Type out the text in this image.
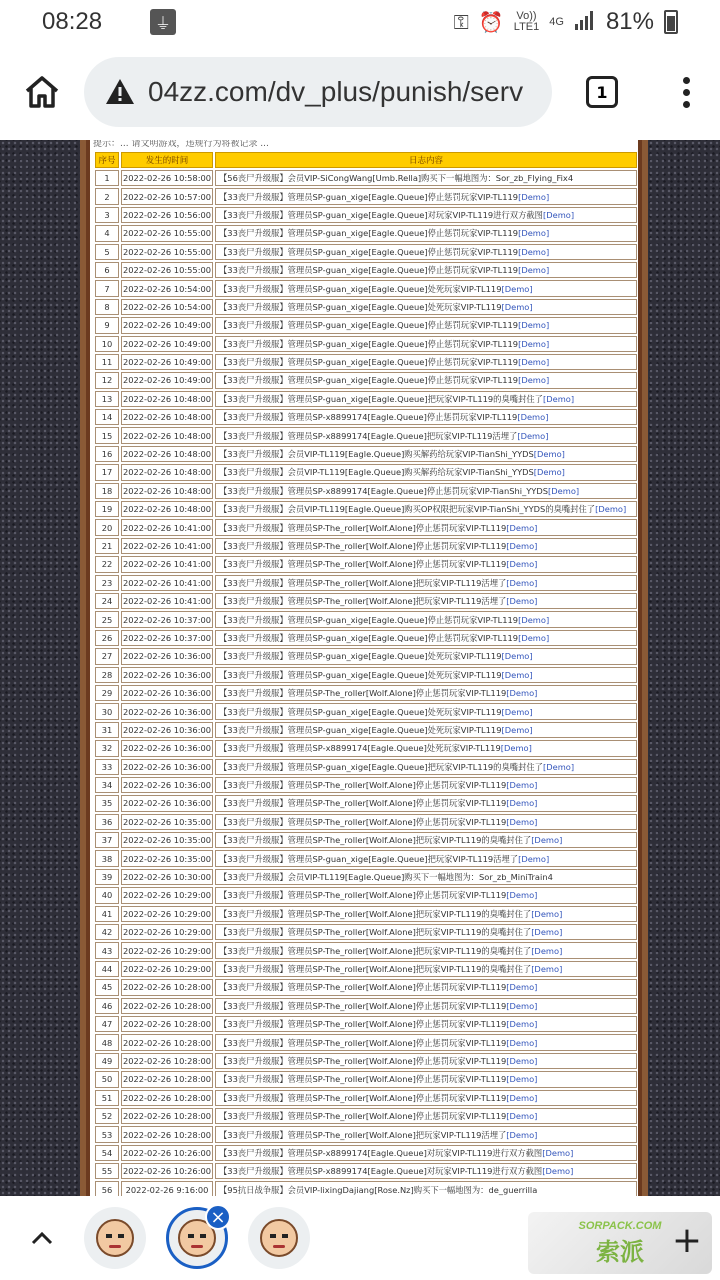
08:28	⏚	⚿ ⏰ Vo))
LTE1 4G 81%
04zz.com/dv_plus/punish/serv	1
提示：... 请文明游戏，违规行为将被记录 ...
序号	发生的时间	日志内容
1	2022-02-26 10:58:00	【56丧尸升级服】会员VIP-SiCongWang[Umb.Rella]购买下一幅地图为：Sor_zb_Flying_Fix4
2	2022-02-26 10:57:00	【33丧尸升级服】管理员SP-guan_xige[Eagle.Queue]停止惩罚玩家VIP-TL119[Demo]
3	2022-02-26 10:56:00	【33丧尸升级服】管理员SP-guan_xige[Eagle.Queue]对玩家VIP-TL119进行双方截图[Demo]
4	2022-02-26 10:55:00	【33丧尸升级服】管理员SP-guan_xige[Eagle.Queue]停止惩罚玩家VIP-TL119[Demo]
5	2022-02-26 10:55:00	【33丧尸升级服】管理员SP-guan_xige[Eagle.Queue]停止惩罚玩家VIP-TL119[Demo]
6	2022-02-26 10:55:00	【33丧尸升级服】管理员SP-guan_xige[Eagle.Queue]停止惩罚玩家VIP-TL119[Demo]
7	2022-02-26 10:54:00	【33丧尸升级服】管理员SP-guan_xige[Eagle.Queue]处死玩家VIP-TL119[Demo]
8	2022-02-26 10:54:00	【33丧尸升级服】管理员SP-guan_xige[Eagle.Queue]处死玩家VIP-TL119[Demo]
9	2022-02-26 10:49:00	【33丧尸升级服】管理员SP-guan_xige[Eagle.Queue]停止惩罚玩家VIP-TL119[Demo]
10	2022-02-26 10:49:00	【33丧尸升级服】管理员SP-guan_xige[Eagle.Queue]停止惩罚玩家VIP-TL119[Demo]
11	2022-02-26 10:49:00	【33丧尸升级服】管理员SP-guan_xige[Eagle.Queue]停止惩罚玩家VIP-TL119[Demo]
12	2022-02-26 10:49:00	【33丧尸升级服】管理员SP-guan_xige[Eagle.Queue]停止惩罚玩家VIP-TL119[Demo]
13	2022-02-26 10:48:00	【33丧尸升级服】管理员SP-guan_xige[Eagle.Queue]把玩家VIP-TL119的臭嘴封住了[Demo]
14	2022-02-26 10:48:00	【33丧尸升级服】管理员SP-x8899174[Eagle.Queue]停止惩罚玩家VIP-TL119[Demo]
15	2022-02-26 10:48:00	【33丧尸升级服】管理员SP-x8899174[Eagle.Queue]把玩家VIP-TL119活埋了[Demo]
16	2022-02-26 10:48:00	【33丧尸升级服】会员VIP-TL119[Eagle.Queue]购买解药给玩家VIP-TianShi_YYDS[Demo]
17	2022-02-26 10:48:00	【33丧尸升级服】会员VIP-TL119[Eagle.Queue]购买解药给玩家VIP-TianShi_YYDS[Demo]
18	2022-02-26 10:48:00	【33丧尸升级服】管理员SP-x8899174[Eagle.Queue]停止惩罚玩家VIP-TianShi_YYDS[Demo]
19	2022-02-26 10:48:00	【33丧尸升级服】会员VIP-TL119[Eagle.Queue]购买OP权限把玩家VIP-TianShi_YYDS的臭嘴封住了[Demo]
20	2022-02-26 10:41:00	【33丧尸升级服】管理员SP-The_roller[Wolf.Alone]停止惩罚玩家VIP-TL119[Demo]
21	2022-02-26 10:41:00	【33丧尸升级服】管理员SP-The_roller[Wolf.Alone]停止惩罚玩家VIP-TL119[Demo]
22	2022-02-26 10:41:00	【33丧尸升级服】管理员SP-The_roller[Wolf.Alone]停止惩罚玩家VIP-TL119[Demo]
23	2022-02-26 10:41:00	【33丧尸升级服】管理员SP-The_roller[Wolf.Alone]把玩家VIP-TL119活埋了[Demo]
24	2022-02-26 10:41:00	【33丧尸升级服】管理员SP-The_roller[Wolf.Alone]把玩家VIP-TL119活埋了[Demo]
25	2022-02-26 10:37:00	【33丧尸升级服】管理员SP-guan_xige[Eagle.Queue]停止惩罚玩家VIP-TL119[Demo]
26	2022-02-26 10:37:00	【33丧尸升级服】管理员SP-guan_xige[Eagle.Queue]停止惩罚玩家VIP-TL119[Demo]
27	2022-02-26 10:36:00	【33丧尸升级服】管理员SP-guan_xige[Eagle.Queue]处死玩家VIP-TL119[Demo]
28	2022-02-26 10:36:00	【33丧尸升级服】管理员SP-guan_xige[Eagle.Queue]处死玩家VIP-TL119[Demo]
29	2022-02-26 10:36:00	【33丧尸升级服】管理员SP-The_roller[Wolf.Alone]停止惩罚玩家VIP-TL119[Demo]
30	2022-02-26 10:36:00	【33丧尸升级服】管理员SP-guan_xige[Eagle.Queue]处死玩家VIP-TL119[Demo]
31	2022-02-26 10:36:00	【33丧尸升级服】管理员SP-guan_xige[Eagle.Queue]处死玩家VIP-TL119[Demo]
32	2022-02-26 10:36:00	【33丧尸升级服】管理员SP-x8899174[Eagle.Queue]处死玩家VIP-TL119[Demo]
33	2022-02-26 10:36:00	【33丧尸升级服】管理员SP-guan_xige[Eagle.Queue]把玩家VIP-TL119的臭嘴封住了[Demo]
34	2022-02-26 10:36:00	【33丧尸升级服】管理员SP-The_roller[Wolf.Alone]停止惩罚玩家VIP-TL119[Demo]
35	2022-02-26 10:36:00	【33丧尸升级服】管理员SP-The_roller[Wolf.Alone]停止惩罚玩家VIP-TL119[Demo]
36	2022-02-26 10:35:00	【33丧尸升级服】管理员SP-The_roller[Wolf.Alone]停止惩罚玩家VIP-TL119[Demo]
37	2022-02-26 10:35:00	【33丧尸升级服】管理员SP-The_roller[Wolf.Alone]把玩家VIP-TL119的臭嘴封住了[Demo]
38	2022-02-26 10:35:00	【33丧尸升级服】管理员SP-guan_xige[Eagle.Queue]把玩家VIP-TL119活埋了[Demo]
39	2022-02-26 10:30:00	【33丧尸升级服】会员VIP-TL119[Eagle.Queue]购买下一幅地图为：Sor_zb_MiniTrain4
40	2022-02-26 10:29:00	【33丧尸升级服】管理员SP-The_roller[Wolf.Alone]停止惩罚玩家VIP-TL119[Demo]
41	2022-02-26 10:29:00	【33丧尸升级服】管理员SP-The_roller[Wolf.Alone]把玩家VIP-TL119的臭嘴封住了[Demo]
42	2022-02-26 10:29:00	【33丧尸升级服】管理员SP-The_roller[Wolf.Alone]把玩家VIP-TL119的臭嘴封住了[Demo]
43	2022-02-26 10:29:00	【33丧尸升级服】管理员SP-The_roller[Wolf.Alone]把玩家VIP-TL119的臭嘴封住了[Demo]
44	2022-02-26 10:29:00	【33丧尸升级服】管理员SP-The_roller[Wolf.Alone]把玩家VIP-TL119的臭嘴封住了[Demo]
45	2022-02-26 10:28:00	【33丧尸升级服】管理员SP-The_roller[Wolf.Alone]停止惩罚玩家VIP-TL119[Demo]
46	2022-02-26 10:28:00	【33丧尸升级服】管理员SP-The_roller[Wolf.Alone]停止惩罚玩家VIP-TL119[Demo]
47	2022-02-26 10:28:00	【33丧尸升级服】管理员SP-The_roller[Wolf.Alone]停止惩罚玩家VIP-TL119[Demo]
48	2022-02-26 10:28:00	【33丧尸升级服】管理员SP-The_roller[Wolf.Alone]停止惩罚玩家VIP-TL119[Demo]
49	2022-02-26 10:28:00	【33丧尸升级服】管理员SP-The_roller[Wolf.Alone]停止惩罚玩家VIP-TL119[Demo]
50	2022-02-26 10:28:00	【33丧尸升级服】管理员SP-The_roller[Wolf.Alone]停止惩罚玩家VIP-TL119[Demo]
51	2022-02-26 10:28:00	【33丧尸升级服】管理员SP-The_roller[Wolf.Alone]停止惩罚玩家VIP-TL119[Demo]
52	2022-02-26 10:28:00	【33丧尸升级服】管理员SP-The_roller[Wolf.Alone]停止惩罚玩家VIP-TL119[Demo]
53	2022-02-26 10:28:00	【33丧尸升级服】管理员SP-The_roller[Wolf.Alone]把玩家VIP-TL119活埋了[Demo]
54	2022-02-26 10:26:00	【33丧尸升级服】管理员SP-x8899174[Eagle.Queue]对玩家VIP-TL119进行双方截图[Demo]
55	2022-02-26 10:26:00	【33丧尸升级服】管理员SP-x8899174[Eagle.Queue]对玩家VIP-TL119进行双方截图[Demo]
56	2022-02-26 9:16:00	【95抗日战争服】会员VIP-lixingDajiang[Rose.Nz]购买下一幅地图为：de_guerrilla
×	SORPACK.COM
索派 +
